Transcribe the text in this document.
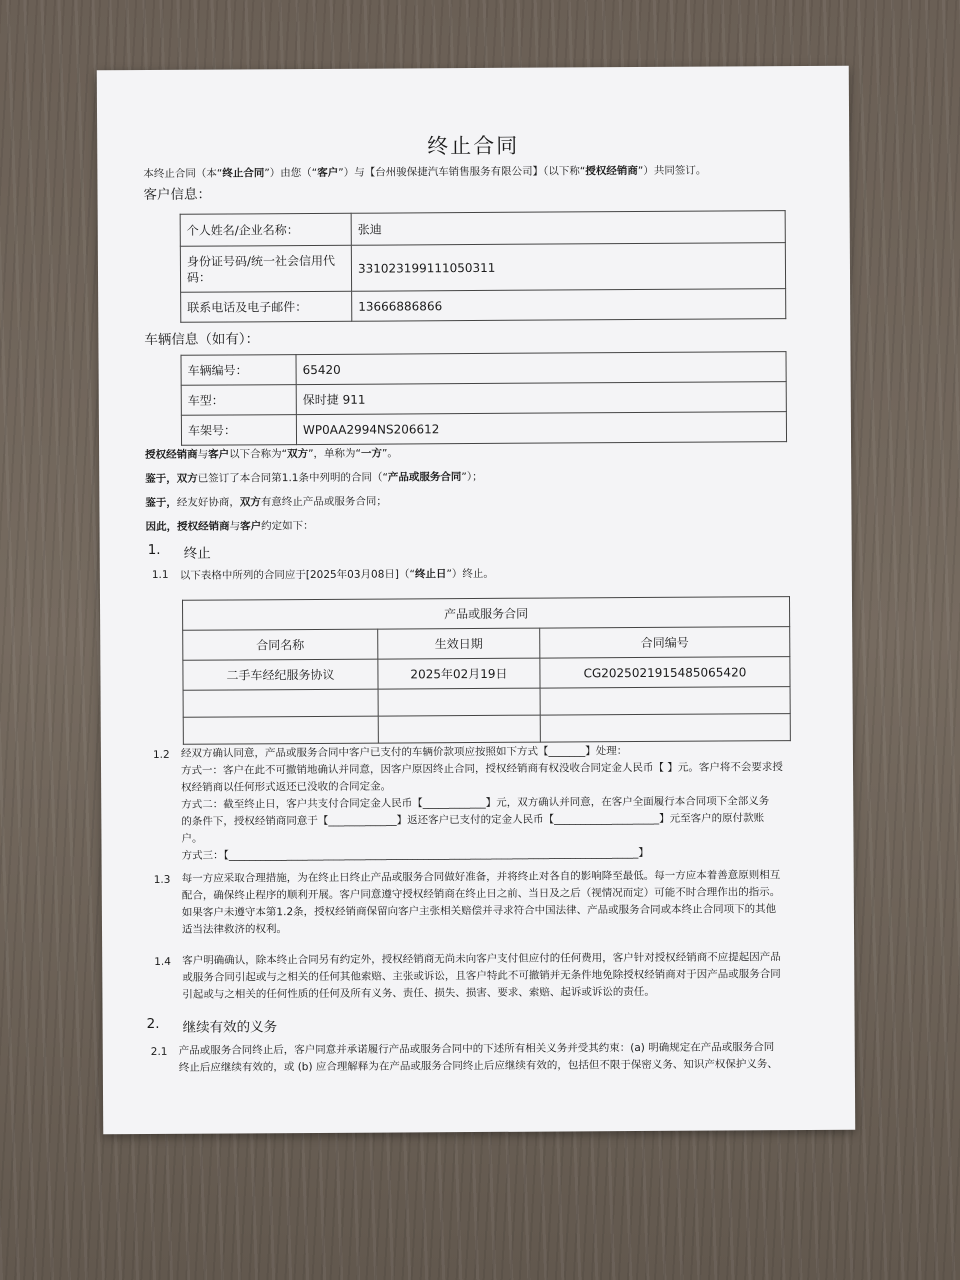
终止合同
本终止合同（本“终止合同”）由您（“客户”）与【台州骏保捷汽车销售服务有限公司】（以下称“授权经销商”）共同签订。
客户信息：
个人姓名/企业名称：	张迪
身份证号码/统一社会信用代码：	331023199111050311
联系电话及电子邮件：	13666886866
车辆信息（如有）：
车辆编号：	65420
车型：	保时捷 911
车架号：	WP0AA2994NS206612
授权经销商与客户以下合称为“双方”，单称为“一方”。
鉴于，双方已签订了本合同第1.1条中列明的合同（“产品或服务合同”）；
鉴于，经友好协商，双方有意终止产品或服务合同；
因此，授权经销商与客户约定如下：
1. 终止
1.1 以下表格中所列的合同应于[2025年03月08日]（“终止日”）终止。
产品或服务合同		
合同名称	生效日期	合同编号
二手车经纪服务协议	2025年02月19日	CG2025021915485065420

1.2 经双方确认同意，产品或服务合同中客户已支付的车辆价款项应按照如下方式【_______】处理：
方式一：客户在此不可撤销地确认并同意，因客户原因终止合同，授权经销商有权没收合同定金人民币【 】元。客户将不会要求授
权经销商以任何形式返还已没收的合同定金。
方式二：截至终止日，客户共支付合同定金人民币【____________】元，双方确认并同意，在客户全面履行本合同项下全部义务
的条件下，授权经销商同意于【_____________】返还客户已支付的定金人民币【____________________】元至客户的原付款账
户。
方式三：【______________________________________________________________________________】
1.3 每一方应采取合理措施，为在终止日终止产品或服务合同做好准备，并将终止对各自的影响降至最低。每一方应本着善意原则相互
配合，确保终止程序的顺利开展。客户同意遵守授权经销商在终止日之前、当日及之后（视情况而定）可能不时合理作出的指示。
如果客户未遵守本第1.2条，授权经销商保留向客户主张相关赔偿并寻求符合中国法律、产品或服务合同或本终止合同项下的其他
适当法律救济的权利。
1.4 客户明确确认，除本终止合同另有约定外，授权经销商无尚未向客户支付但应付的任何费用，客户针对授权经销商不应提起因产品
或服务合同引起或与之相关的任何其他索赔、主张或诉讼，且客户特此不可撤销并无条件地免除授权经销商对于因产品或服务合同
引起或与之相关的任何性质的任何及所有义务、责任、损失、损害、要求、索赔、起诉或诉讼的责任。
2. 继续有效的义务
2.1 产品或服务合同终止后，客户同意并承诺履行产品或服务合同中的下述所有相关义务并受其约束：(a) 明确规定在产品或服务合同
终止后应继续有效的，或 (b) 应合理解释为在产品或服务合同终止后应继续有效的，包括但不限于保密义务、知识产权保护义务、
